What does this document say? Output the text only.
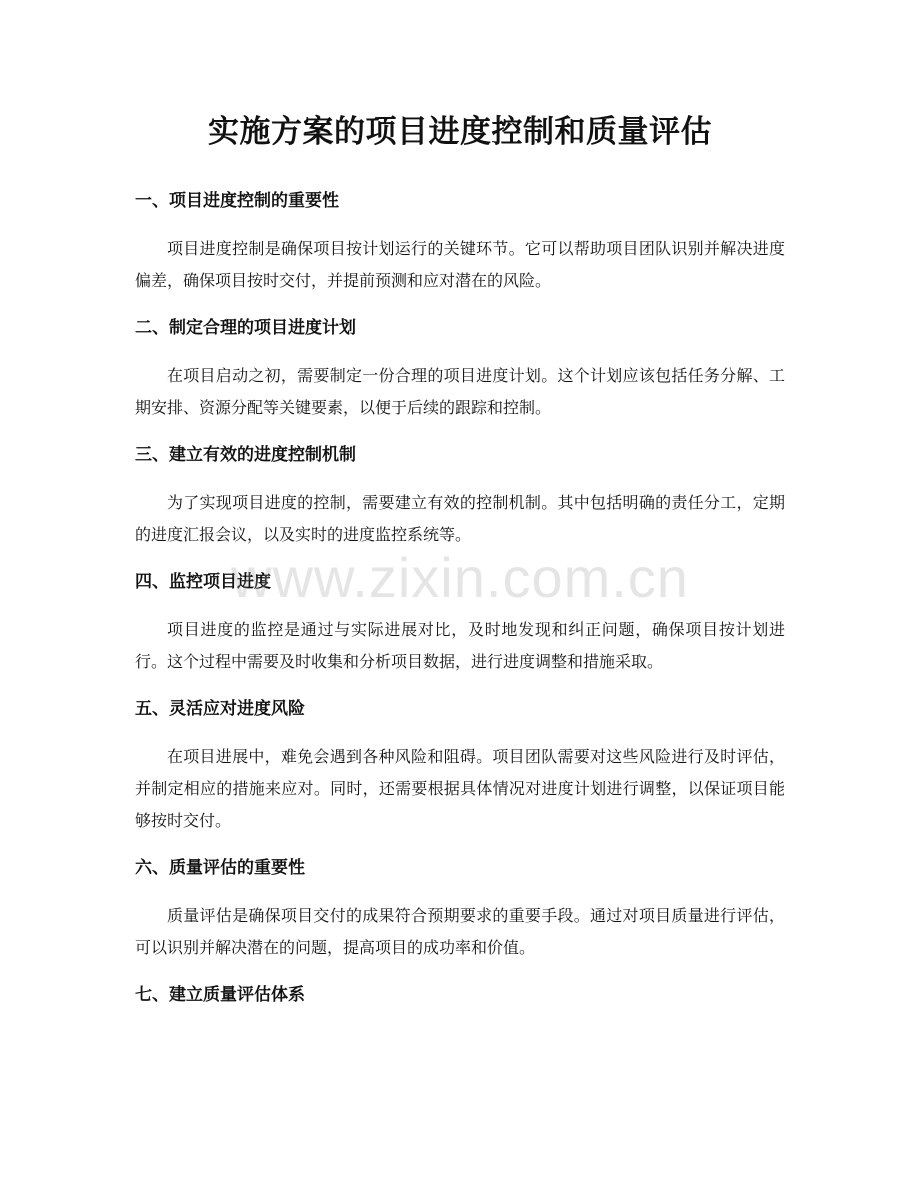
实施方案的项目进度控制和质量评估
一、项目进度控制的重要性

项目进度控制是确保项目按计划运行的关键环节。它可以帮助项目团队识别并解决进度偏差，确保项目按时交付，并提前预测和应对潜在的风险。

二、制定合理的项目进度计划

在项目启动之初，需要制定一份合理的项目进度计划。这个计划应该包括任务分解、工期安排、资源分配等关键要素，以便于后续的跟踪和控制。

三、建立有效的进度控制机制

为了实现项目进度的控制，需要建立有效的控制机制。其中包括明确的责任分工，定期的进度汇报会议，以及实时的进度监控系统等。

四、监控项目进度

项目进度的监控是通过与实际进展对比，及时地发现和纠正问题，确保项目按计划进行。这个过程中需要及时收集和分析项目数据，进行进度调整和措施采取。

五、灵活应对进度风险

在项目进展中，难免会遇到各种风险和阻碍。项目团队需要对这些风险进行及时评估，并制定相应的措施来应对。同时，还需要根据具体情况对进度计划进行调整，以保证项目能够按时交付。

六、质量评估的重要性

质量评估是确保项目交付的成果符合预期要求的重要手段。通过对项目质量进行评估，可以识别并解决潜在的问题，提高项目的成功率和价值。

七、建立质量评估体系
www.zixin.com.cn
